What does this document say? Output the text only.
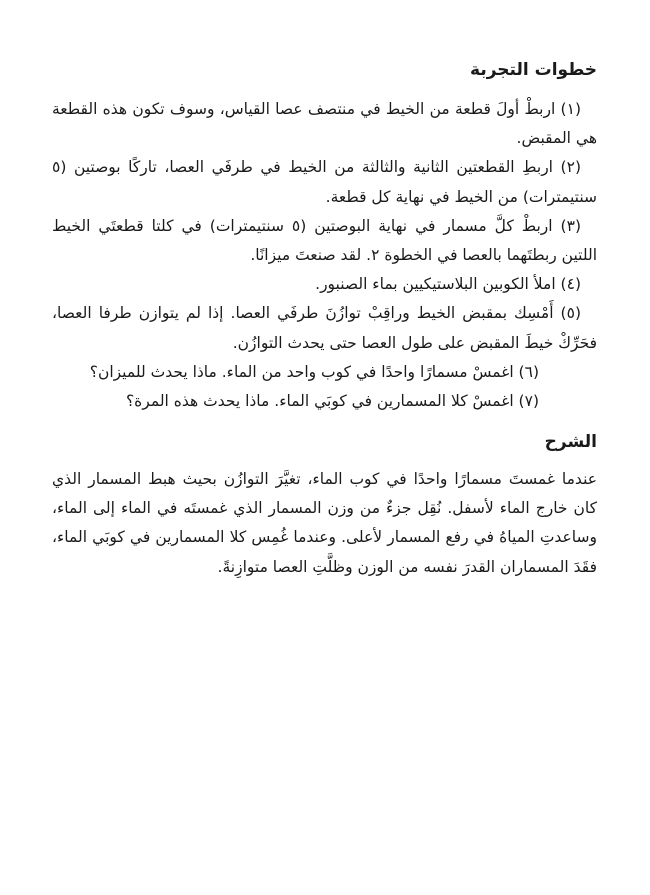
خطوات التجربة
(١) اربطْ أولَ قطعة من الخيط في منتصف عصا القياس، وسوف تكون هذه القطعة هي المقبض.
(٢) اربطِ القطعتين الثانية والثالثة من الخيط في طرفَي العصا، تاركًا بوصتين (٥ سنتيمترات) من الخيط في نهاية كل قطعة.
(٣) اربطْ كلَّ مسمار في نهاية البوصتين (٥ سنتيمترات) في كلتا قطعتَي الخيط اللتين ربطتَهما بالعصا في الخطوة ٢. لقد صنعتَ ميزانًا.
(٤) املأ الكوبين البلاستيكيين بماء الصنبور.
(٥) أَمْسِك بمقبض الخيط وراقِبْ توازُنَ طرفَي العصا. إذا لم يتوازن طرفا العصا، فحَرِّكْ خيطَ المقبض على طول العصا حتى يحدث التوازُن.
(٦) اغمسْ مسمارًا واحدًا في كوب واحد من الماء. ماذا يحدث للميزان؟
(٧) اغمسْ كلا المسمارين في كوبَي الماء. ماذا يحدث هذه المرة؟
الشرح

عندما غمستَ مسمارًا واحدًا في كوب الماء، تغيَّرَ التوازُن بحيث هبط المسمار الذي كان خارج الماء لأسفل. نُقِل جزءٌ من وزن المسمار الذي غمستَه في الماء إلى الماء، وساعدتِ المياهُ في رفع المسمار لأعلى. وعندما غُمِس كلا المسمارين في كوبَي الماء، فقَدَ المسماران القدرَ نفسه من الوزن وظلَّتِ العصا متوازِنةً.
